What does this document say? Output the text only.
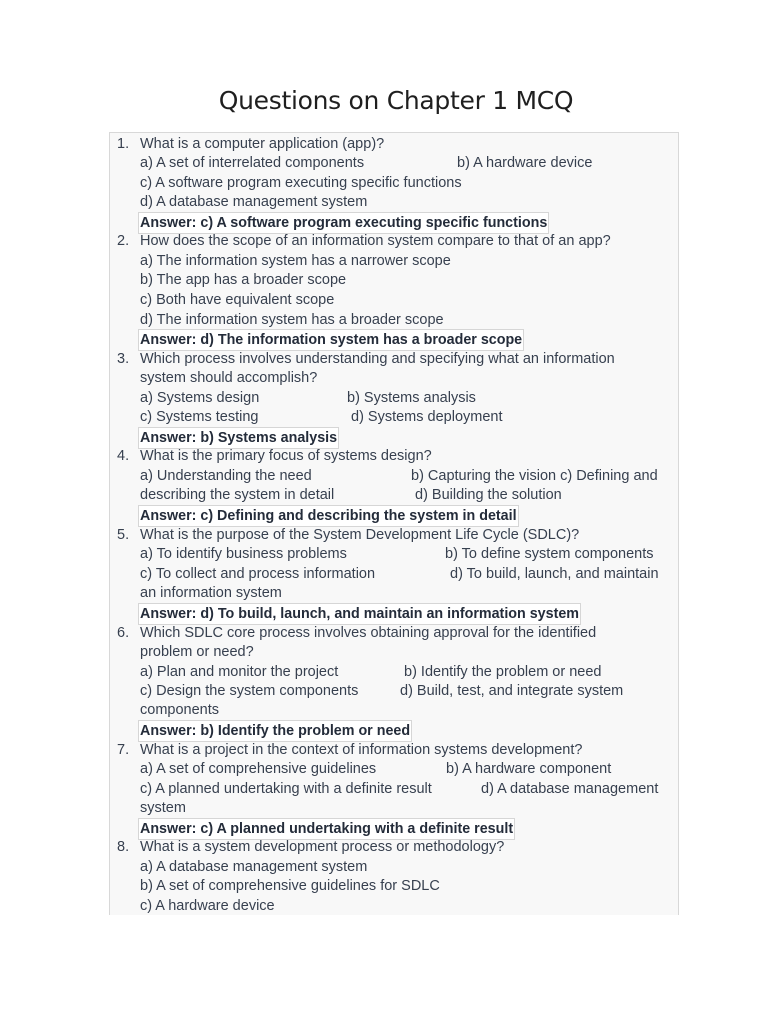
Questions on Chapter 1 MCQ
1. What is a computer application (app)?
a) A set of interrelated components	b) A hardware device
c) A software program executing specific functions
d) A database management system
Answer: c) A software program executing specific functions
2. How does the scope of an information system compare to that of an app?
a) The information system has a narrower scope
b) The app has a broader scope
c) Both have equivalent scope
d) The information system has a broader scope
Answer: d) The information system has a broader scope
3. Which process involves understanding and specifying what an information
system should accomplish?
a) Systems design	b) Systems analysis
c) Systems testing	d) Systems deployment
Answer: b) Systems analysis
4. What is the primary focus of systems design?
a) Understanding the need	b) Capturing the vision c) Defining and
describing the system in detail	d) Building the solution
Answer: c) Defining and describing the system in detail
5. What is the purpose of the System Development Life Cycle (SDLC)?
a) To identify business problems	b) To define system components
c) To collect and process information	d) To build, launch, and maintain
an information system
Answer: d) To build, launch, and maintain an information system
6. Which SDLC core process involves obtaining approval for the identified
problem or need?
a) Plan and monitor the project	b) Identify the problem or need
c) Design the system components	d) Build, test, and integrate system
components
Answer: b) Identify the problem or need
7. What is a project in the context of information systems development?
a) A set of comprehensive guidelines	b) A hardware component
c) A planned undertaking with a definite result	d) A database management
system
Answer: c) A planned undertaking with a definite result
8. What is a system development process or methodology?
a) A database management system
b) A set of comprehensive guidelines for SDLC
c) A hardware device
